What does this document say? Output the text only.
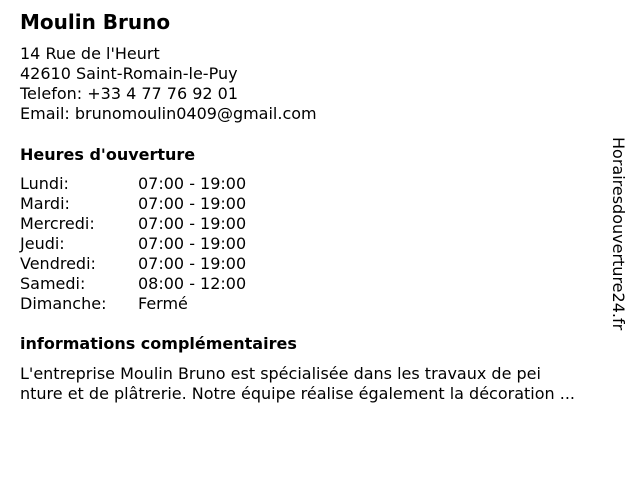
Moulin Bruno
14 Rue de l'Heurt
42610 Saint-Romain-le-Puy
Telefon: +33 4 77 76 92 01
Email: brunomoulin0409@gmail.com
Heures d'ouverture
Lundi:	07:00 - 19:00
Mardi:	07:00 - 19:00
Mercredi:	07:00 - 19:00
Jeudi:	07:00 - 19:00
Vendredi:	07:00 - 19:00
Samedi:	08:00 - 12:00
Dimanche:	Fermé
informations complémentaires
L'entreprise Moulin Bruno est spécialisée dans les travaux de pei
nture et de plâtrerie. Notre équipe réalise également la décoration ...
Horairesdouverture24.fr
